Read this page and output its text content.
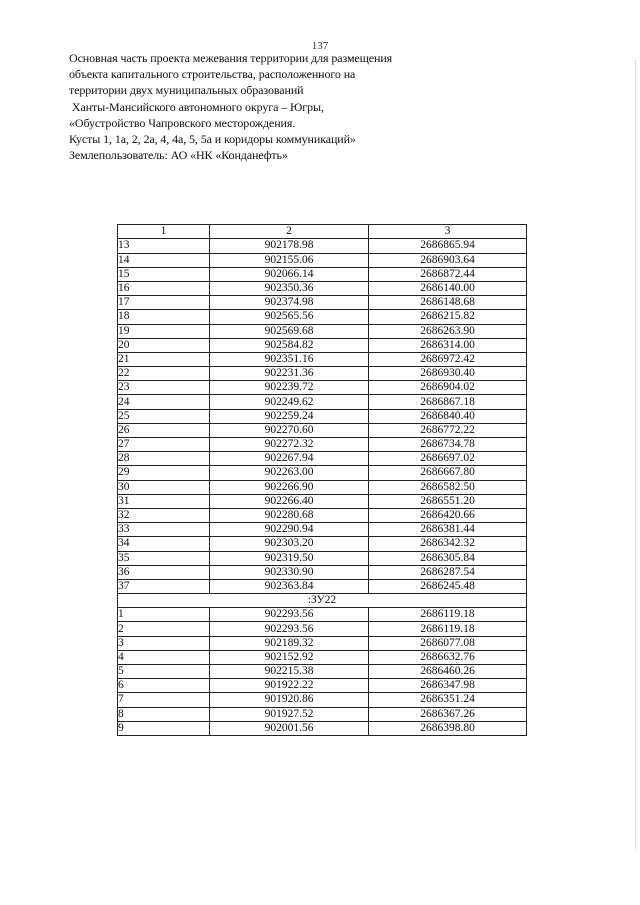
137
Основная часть проекта межевания территории для размещения
объекта капитального строительства, расположенного на
территории двух муниципальных образований
Ханты-Мансийского автономного округа – Югры,
«Обустройство Чапровского месторождения.
Кусты 1, 1а, 2, 2а, 4, 4а, 5, 5а и коридоры коммуникаций»
Землепользователь: АО «НК «Конданефть»
1	2	3
13	902178.98	2686865.94
14	902155.06	2686903.64
15	902066.14	2686872.44
16	902350.36	2686140.00
17	902374.98	2686148.68
18	902565.56	2686215.82
19	902569.68	2686263.90
20	902584.82	2686314.00
21	902351.16	2686972.42
22	902231.36	2686930.40
23	902239.72	2686904.02
24	902249.62	2686867.18
25	902259.24	2686840.40
26	902270.60	2686772.22
27	902272.32	2686734.78
28	902267.94	2686697.02
29	902263.00	2686667.80
30	902266.90	2686582.50
31	902266.40	2686551.20
32	902280.68	2686420.66
33	902290.94	2686381.44
34	902303.20	2686342.32
35	902319.50	2686305.84
36	902330.90	2686287.54
37	902363.84	2686245.48
:ЗУ22		
1	902293.56	2686119.18
2	902293.56	2686119.18
3	902189.32	2686077.08
4	902152.92	2686632.76
5	902215.38	2686460.26
6	901922.22	2686347.98
7	901920.86	2686351.24
8	901927.52	2686367.26
9	902001.56	2686398.80
